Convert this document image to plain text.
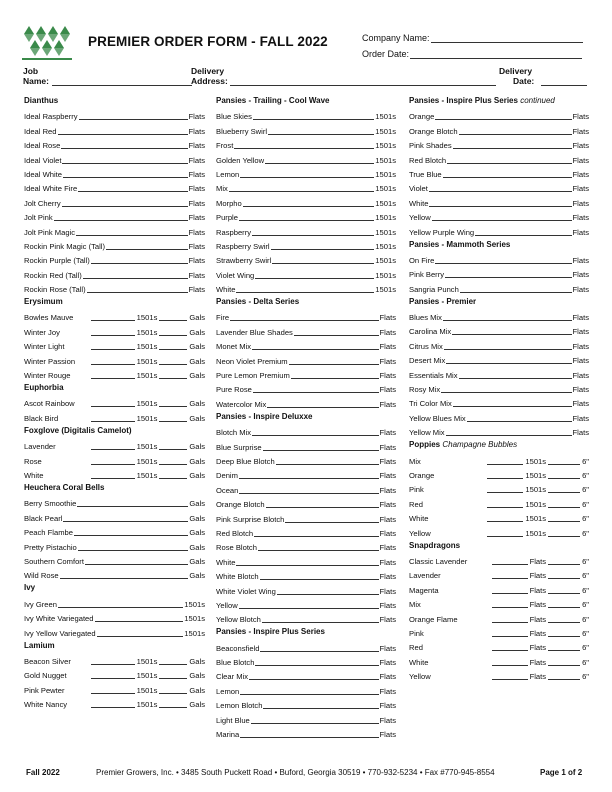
PREMIER ORDER FORM - FALL 2022	Company Name:
Order Date:
Job
Name:
Delivery
Address:
Delivery
Date:
Dianthus
Ideal Raspberry	Flats
Ideal Red	Flats
Ideal Rose	Flats
Ideal Violet	Flats
Ideal White	Flats
Ideal White Fire	Flats
Jolt Cherry	Flats
Jolt Pink	Flats
Jolt Pink Magic	Flats
Rockin Pink Magic (Tall)	Flats
Rockin Purple (Tall)	Flats
Rockin Red (Tall)	Flats
Rockin Rose (Tall)	Flats
Erysimum
Bowles Mauve	1501s	Gals
Winter Joy	1501s	Gals
Winter Light	1501s	Gals
Winter Passion	1501s	Gals
Winter Rouge	1501s	Gals
Euphorbia
Ascot Rainbow	1501s	Gals
Black Bird	1501s	Gals
Foxglove (Digitalis Camelot)
Lavender	1501s	Gals
Rose	1501s	Gals
White	1501s	Gals
Heuchera Coral Bells
Berry Smoothie	Gals
Black Pearl	Gals
Peach Flambe	Gals
Pretty Pistachio	Gals
Southern Comfort	Gals
Wild Rose	Gals
Ivy
Ivy Green	1501s
Ivy White Variegated	1501s
Ivy Yellow Variegated	1501s
Lamium
Beacon Silver	1501s	Gals
Gold Nugget	1501s	Gals
Pink Pewter	1501s	Gals
White Nancy	1501s	Gals
Pansies - Trailing - Cool Wave
Blue Skies	1501s
Blueberry Swirl	1501s
Frost	1501s
Golden Yellow	1501s
Lemon	1501s
Mix	1501s
Morpho	1501s
Purple	1501s
Raspberry	1501s
Raspberry Swirl	1501s
Strawberry Swirl	1501s
Violet Wing	1501s
White	1501s
Pansies - Delta Series
Fire	Flats
Lavender Blue Shades	Flats
Monet Mix	Flats
Neon Violet Premium	Flats
Pure Lemon Premium	Flats
Pure Rose	Flats
Watercolor Mix	Flats
Pansies - Inspire Deluxxe
Blotch Mix	Flats
Blue Surprise	Flats
Deep Blue Blotch	Flats
Denim	Flats
Ocean	Flats
Orange Blotch	Flats
Pink Surprise Blotch	Flats
Red Blotch	Flats
Rose Blotch	Flats
White	Flats
White Blotch	Flats
White Violet Wing	Flats
Yellow	Flats
Yellow Blotch	Flats
Pansies - Inspire Plus Series
Beaconsfield	Flats
Blue Blotch	Flats
Clear Mix	Flats
Lemon	Flats
Lemon Blotch	Flats
Light Blue	Flats
Marina	Flats
Pansies - Inspire Plus Series continued
Orange	Flats
Orange Blotch	Flats
Pink Shades	Flats
Red Blotch	Flats
True Blue	Flats
Violet	Flats
White	Flats
Yellow	Flats
Yellow Purple Wing	Flats
Pansies - Mammoth Series
On Fire	Flats
Pink Berry	Flats
Sangria Punch	Flats
Pansies - Premier
Blues Mix	Flats
Carolina Mix	Flats
Citrus Mix	Flats
Desert Mix	Flats
Essentials Mix	Flats
Rosy Mix	Flats
Tri Color Mix	Flats
Yellow Blues Mix	Flats
Yellow Mix	Flats
Poppies Champagne Bubbles
Mix	1501s	6"
Orange	1501s	6"
Pink	1501s	6"
Red	1501s	6"
White	1501s	6"
Yellow	1501s	6"
Snapdragons
Classic Lavender	Flats	6"
Lavender	Flats	6"
Magenta	Flats	6"
Mix	Flats	6"
Orange Flame	Flats	6"
Pink	Flats	6"
Red	Flats	6"
White	Flats	6"
Yellow	Flats	6"
Fall 2022	Premier Growers, Inc. • 3485 South Puckett Road • Buford, Georgia 30519 • 770-932-5234 • Fax #770-945-8554	Page 1 of 2
